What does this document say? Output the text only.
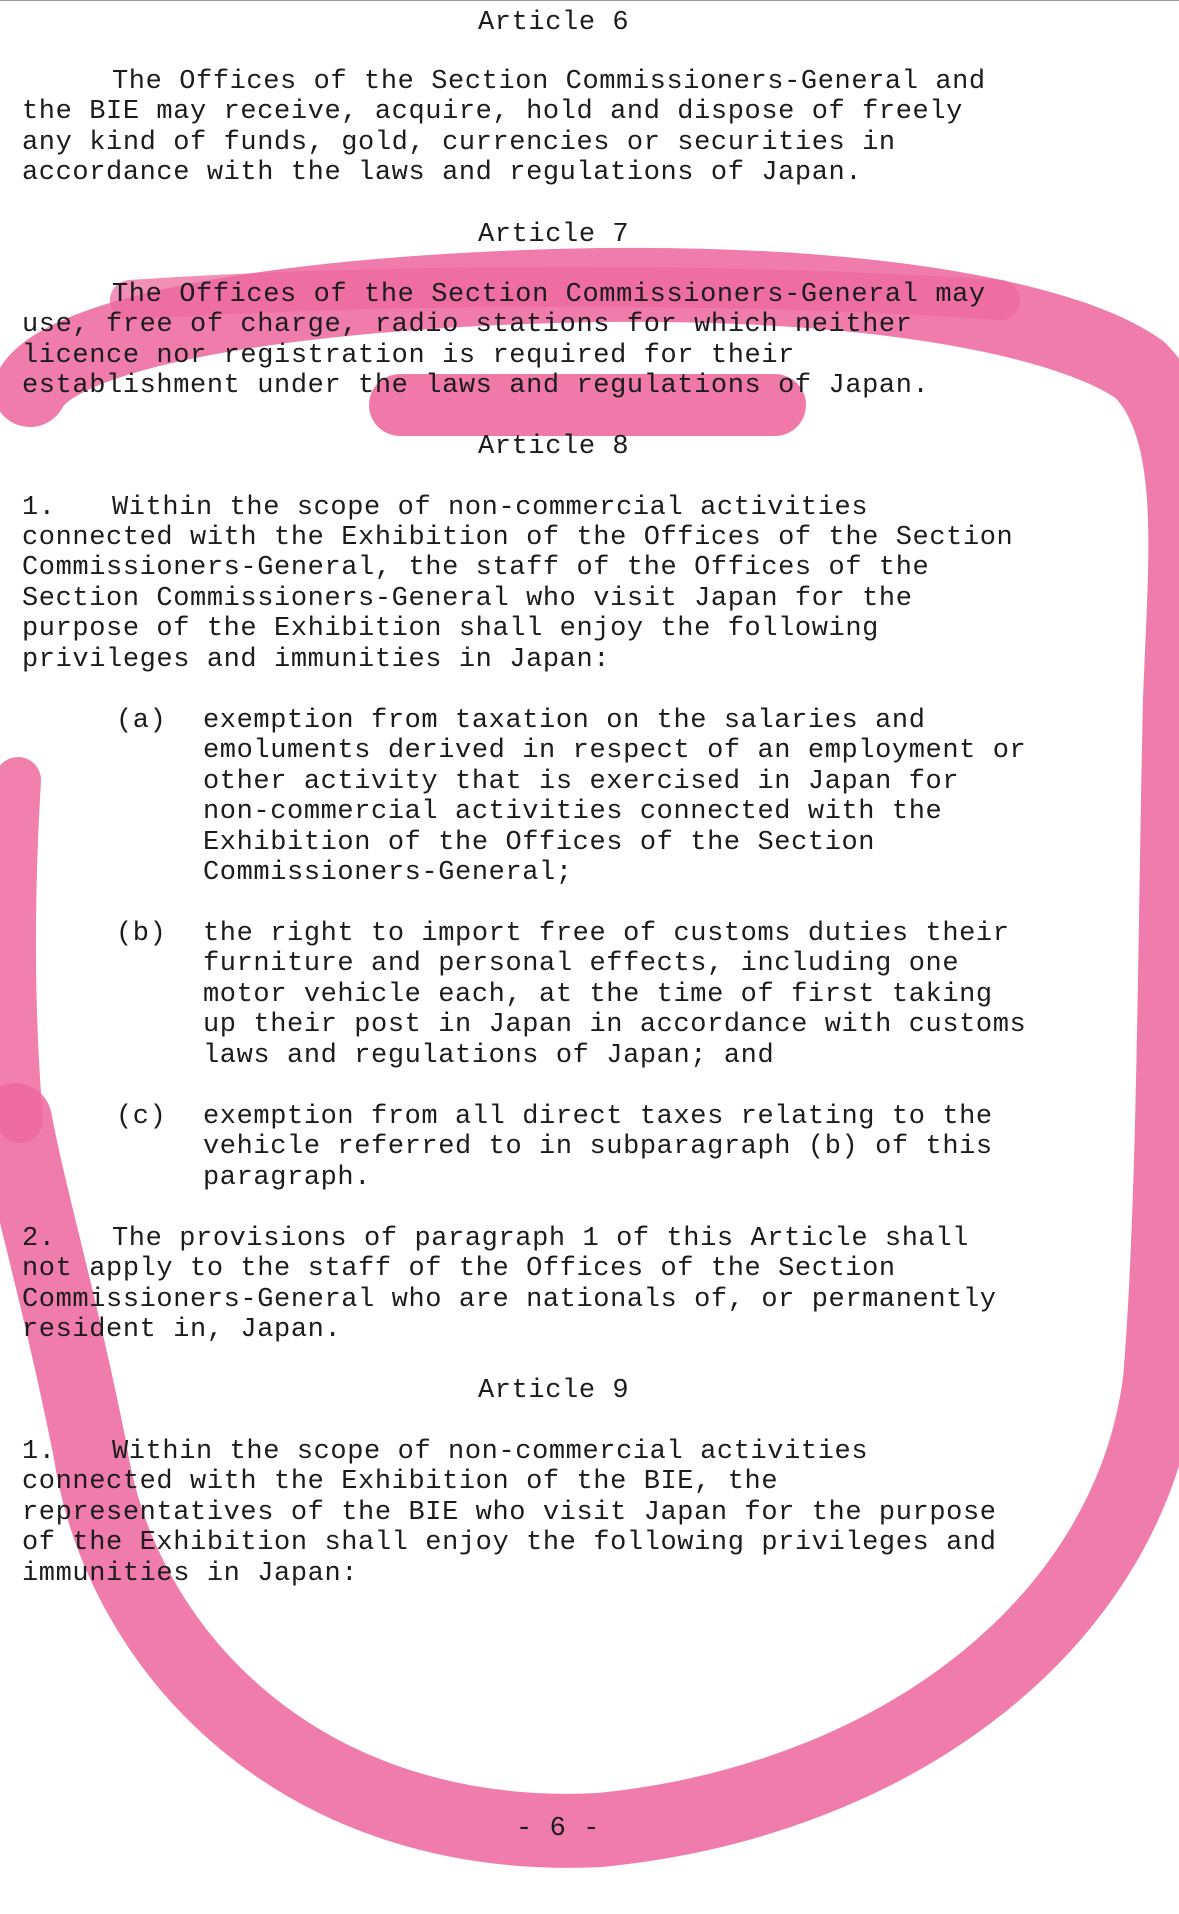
Article 6
The Offices of the Section Commissioners-General and
the BIE may receive, acquire, hold and dispose of freely
any kind of funds, gold, currencies or securities in
accordance with the laws and regulations of Japan.
Article 7
The Offices of the Section Commissioners-General may
use, free of charge, radio stations for which neither
licence nor registration is required for their
establishment under the laws and regulations of Japan.
Article 8
1. Within the scope of non-commercial activities
connected with the Exhibition of the Offices of the Section
Commissioners-General, the staff of the Offices of the
Section Commissioners-General who visit Japan for the
purpose of the Exhibition shall enjoy the following
privileges and immunities in Japan:
(a) exemption from taxation on the salaries and
emoluments derived in respect of an employment or
other activity that is exercised in Japan for
non-commercial activities connected with the
Exhibition of the Offices of the Section
Commissioners-General;
(b) the right to import free of customs duties their
furniture and personal effects, including one
motor vehicle each, at the time of first taking
up their post in Japan in accordance with customs
laws and regulations of Japan; and
(c) exemption from all direct taxes relating to the
vehicle referred to in subparagraph (b) of this
paragraph.
2. The provisions of paragraph 1 of this Article shall
not apply to the staff of the Offices of the Section
Commissioners-General who are nationals of, or permanently
resident in, Japan.
Article 9
1. Within the scope of non-commercial activities
connected with the Exhibition of the BIE, the
representatives of the BIE who visit Japan for the purpose
of the Exhibition shall enjoy the following privileges and
immunities in Japan:
- 6 -
